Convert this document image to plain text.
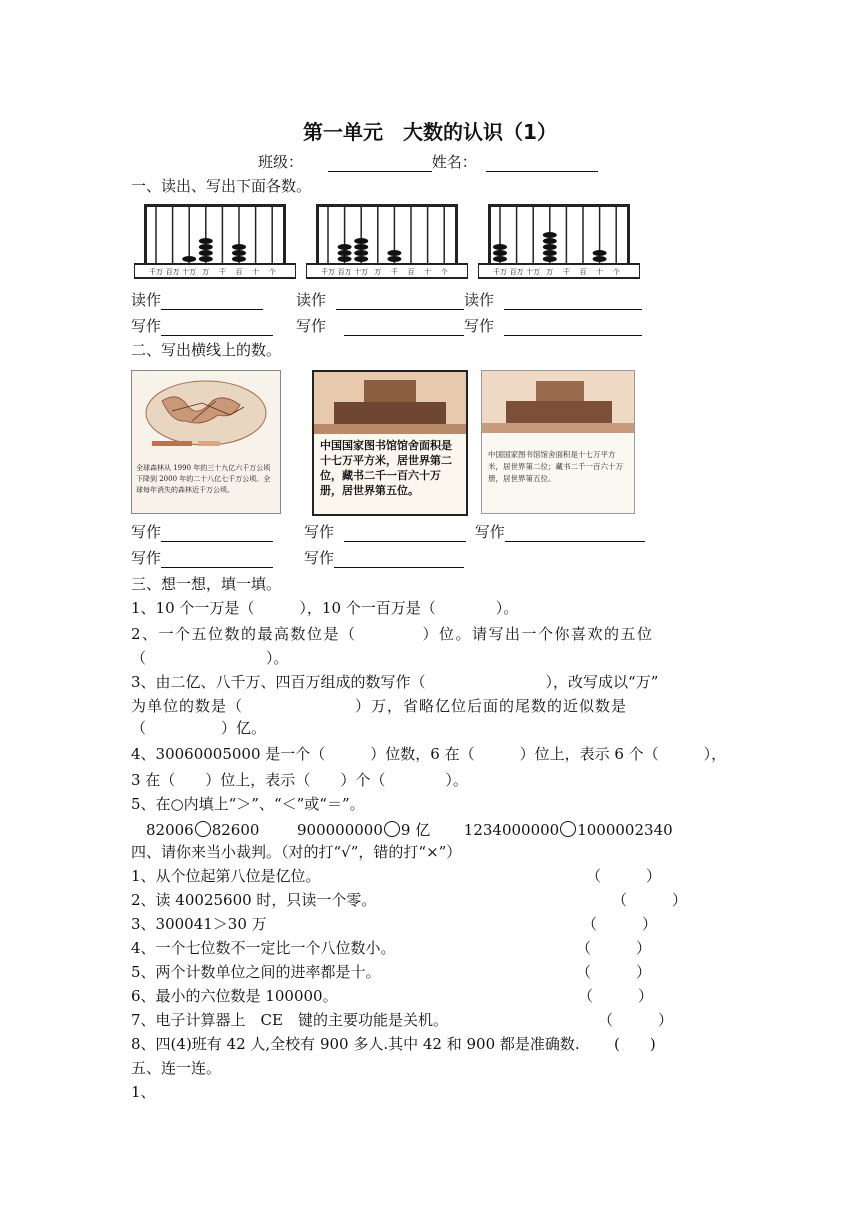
第一单元　大数的认识（1）
班级：	姓名：
一、读出、写出下面各数。
千万 百万 十万 万 千 百 十 个	千万 百万 十万 万 千 百 十 个	千万 百万 十万 万 千 百 十 个
读作	读作	读作
写作	写作	写作
二、写出横线上的数。
全球森林从 1990 年的三十九亿六千万公顷下降到 2000 年的二十八亿七千万公顷。全球每年消失的森林近千万公顷。
中国国家图书馆馆舍面积是十七万平方米，居世界第二位，藏书二千一百六十万册，居世界第五位。
中国国家图书馆馆舍面积是十七万平方米，居世界第二位；藏书二千一百六十万册，居世界第五位。
写作	写作	写作
写作	写作
三、想一想，填一填。
1、10 个一万是（　　　），10 个一百万是（　　　　）。
2、一个五位数的最高数位是（　　　　）位。请写出一个你喜欢的五位
（　　　　　　　　）。
3、由二亿、八千万、四百万组成的数写作（　　　　　　　　），改写成以“万”
为单位的数是（　　　　　　　）万，省略亿位后面的尾数的近似数是
（　　　　　）亿。
4、30060005000 是一个（　　　）位数，6 在（　　　）位上，表示 6 个（　　　），
3 在（　　）位上，表示（　　）个（　　　　）。
5、在○内填上“＞”、“＜”或“＝”。
82006 82600	900000000 9 亿 1234000000 1000002340
四、请你来当小裁判。（对的打“√”，错的打“×”）
1、从个位起第八位是亿位。	（　　　）
2、读 40025600 时，只读一个零。	（　　　）
3、300041＞30 万	（　　　）
4、一个七位数不一定比一个八位数小。	（　　　）
5、两个计数单位之间的进率都是十。	（　　　）
6、最小的六位数是 100000。	（　　　）
7、电子计算器上　CE　键的主要功能是关机。	（　　　）
8、四(4)班有 42 人,全校有 900 多人.其中 42 和 900 都是准确数. (　　)
五、连一连。
1、
